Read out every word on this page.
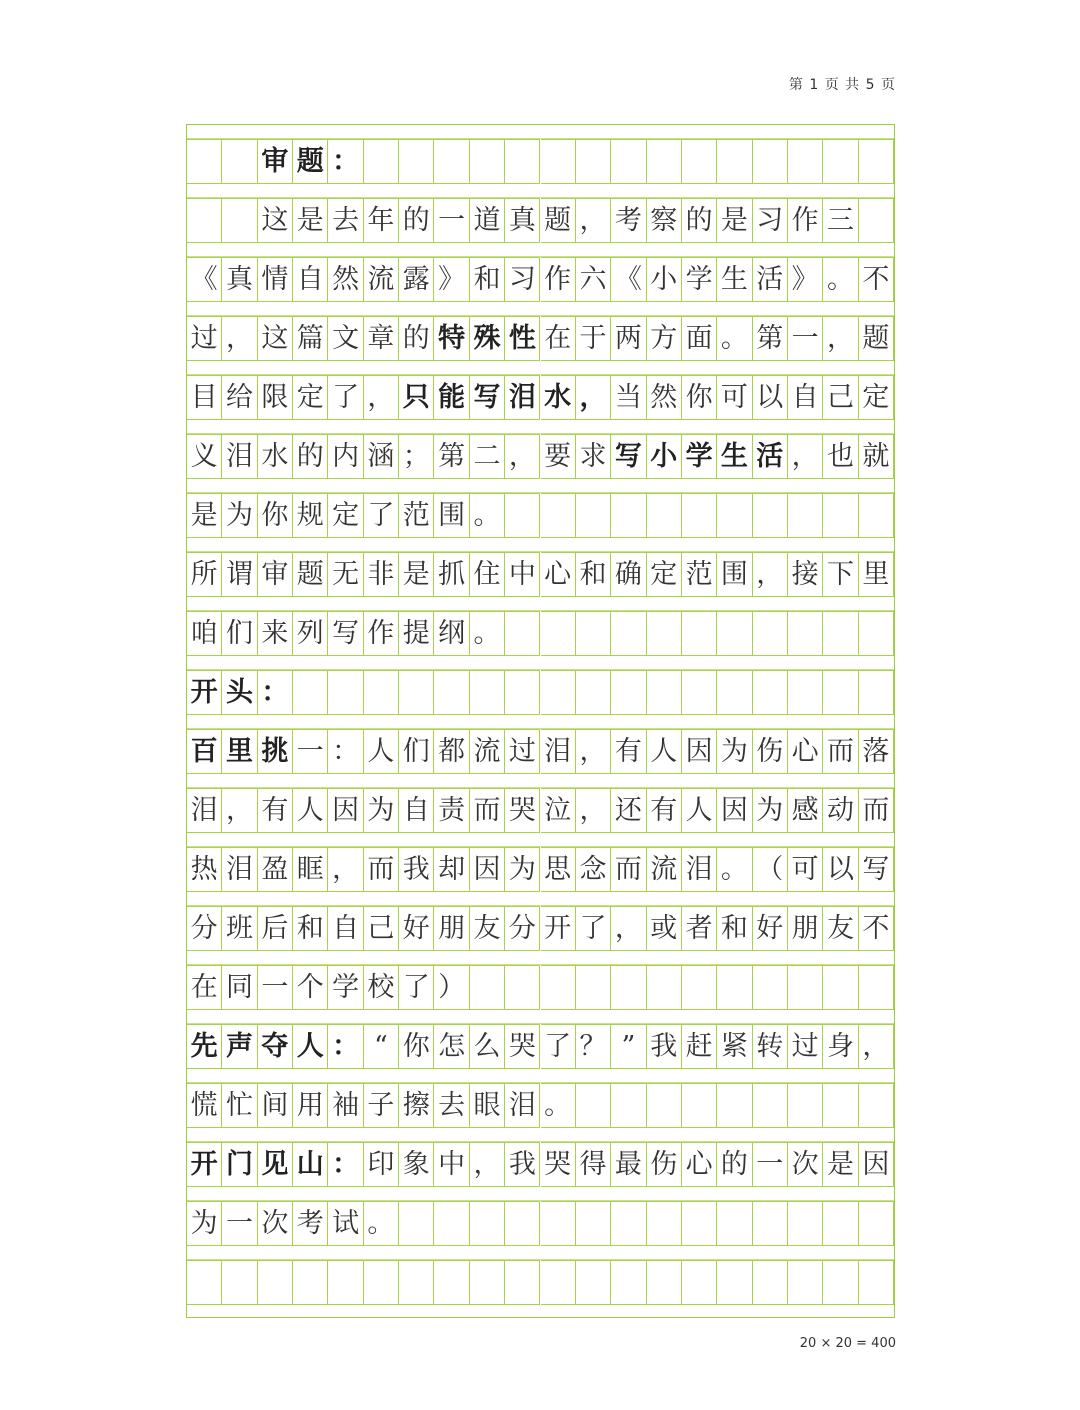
第 1 页 共 5 页
审 题 ：
这 是 去 年 的 一 道 真 题 ， 考 察 的 是 习 作 三
《 真 情 自 然 流 露 》 和 习 作 六 《 小 学 生 活 》 。 不
过 ， 这 篇 文 章 的 特 殊 性 在 于 两 方 面 。 第 一 ， 题
目 给 限 定 了 ， 只 能 写 泪 水 ， 当 然 你 可 以 自 己 定
义 泪 水 的 内 涵 ； 第 二 ， 要 求 写 小 学 生 活 ， 也 就
是 为 你 规 定 了 范 围 。
所 谓 审 题 无 非 是 抓 住 中 心 和 确 定 范 围 ， 接 下 里
咱 们 来 列 写 作 提 纲 。
开 头 ：
百 里 挑 一 ： 人 们 都 流 过 泪 ， 有 人 因 为 伤 心 而 落
泪 ， 有 人 因 为 自 责 而 哭 泣 ， 还 有 人 因 为 感 动 而
热 泪 盈 眶 ， 而 我 却 因 为 思 念 而 流 泪 。 （ 可 以 写
分 班 后 和 自 己 好 朋 友 分 开 了 ， 或 者 和 好 朋 友 不
在 同 一 个 学 校 了 ）
先 声 夺 人 ： “ 你 怎 么 哭 了 ？ ” 我 赶 紧 转 过 身 ，
慌 忙 间 用 袖 子 擦 去 眼 泪 。
开 门 见 山 ： 印 象 中 ， 我 哭 得 最 伤 心 的 一 次 是 因
为 一 次 考 试 。
20 × 20 = 400
